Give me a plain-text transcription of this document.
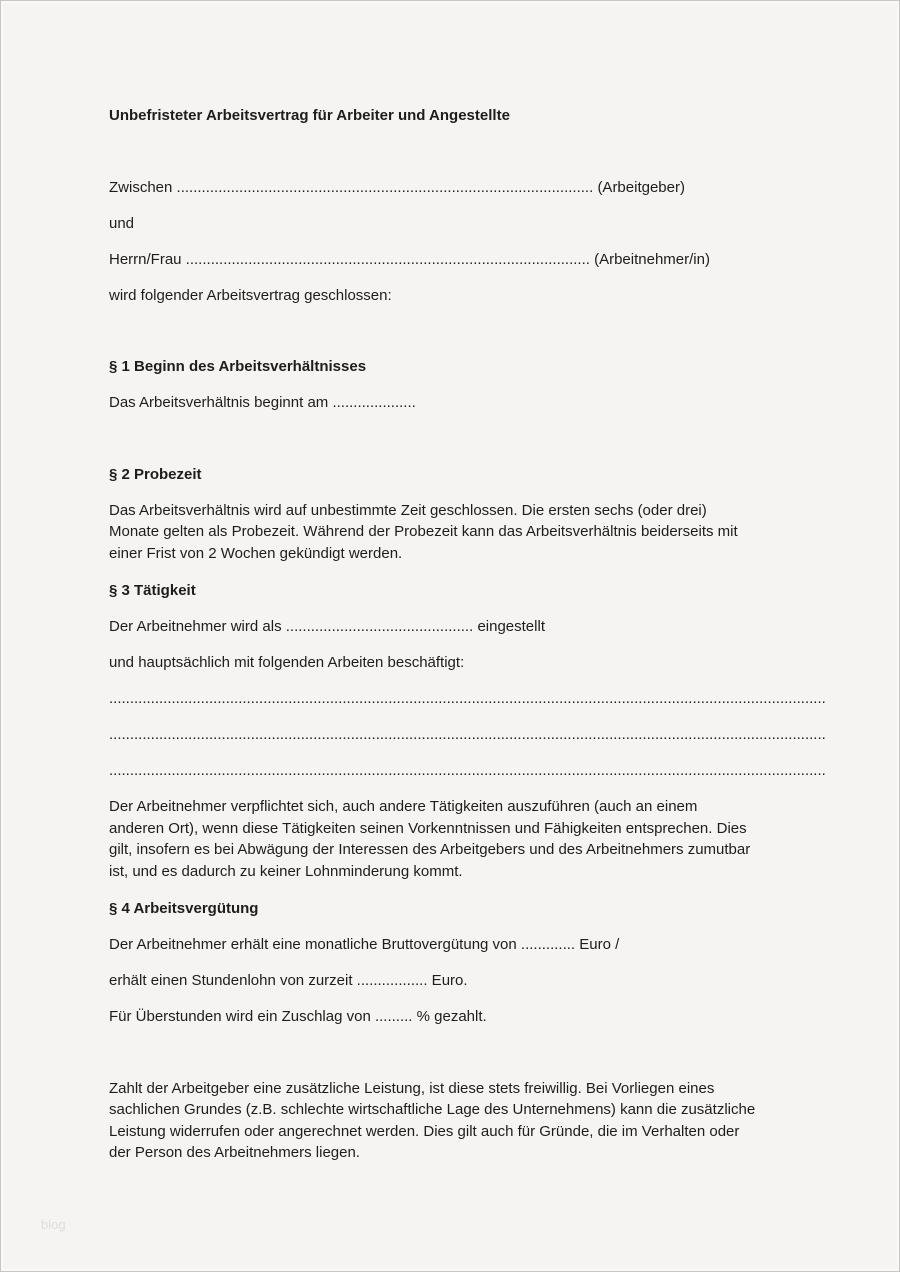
Unbefristeter Arbeitsvertrag für Arbeiter und Angestellte
Zwischen .................................................................................................... (Arbeitgeber)
und
Herrn/Frau ................................................................................................. (Arbeitnehmer/in)
wird folgender Arbeitsvertrag geschlossen:
§ 1 Beginn des Arbeitsverhältnisses
Das Arbeitsverhältnis beginnt am ....................
§ 2 Probezeit
Das Arbeitsverhältnis wird auf unbestimmte Zeit geschlossen. Die ersten sechs (oder drei)
Monate gelten als Probezeit. Während der Probezeit kann das Arbeitsverhältnis beiderseits mit
einer Frist von 2 Wochen gekündigt werden.
§ 3 Tätigkeit
Der Arbeitnehmer wird als ............................................. eingestellt
und hauptsächlich mit folgenden Arbeiten beschäftigt:
............................................................................................................................................................................
............................................................................................................................................................................
............................................................................................................................................................................
Der Arbeitnehmer verpflichtet sich, auch andere Tätigkeiten auszuführen (auch an einem
anderen Ort), wenn diese Tätigkeiten seinen Vorkenntnissen und Fähigkeiten entsprechen. Dies
gilt, insofern es bei Abwägung der Interessen des Arbeitgebers und des Arbeitnehmers zumutbar
ist, und es dadurch zu keiner Lohnminderung kommt.
§ 4 Arbeitsvergütung
Der Arbeitnehmer erhält eine monatliche Bruttovergütung von ............. Euro /
erhält einen Stundenlohn von zurzeit ................. Euro.
Für Überstunden wird ein Zuschlag von ......... % gezahlt.
Zahlt der Arbeitgeber eine zusätzliche Leistung, ist diese stets freiwillig. Bei Vorliegen eines
sachlichen Grundes (z.B. schlechte wirtschaftliche Lage des Unternehmens) kann die zusätzliche
Leistung widerrufen oder angerechnet werden. Dies gilt auch für Gründe, die im Verhalten oder
der Person des Arbeitnehmers liegen.
blog
